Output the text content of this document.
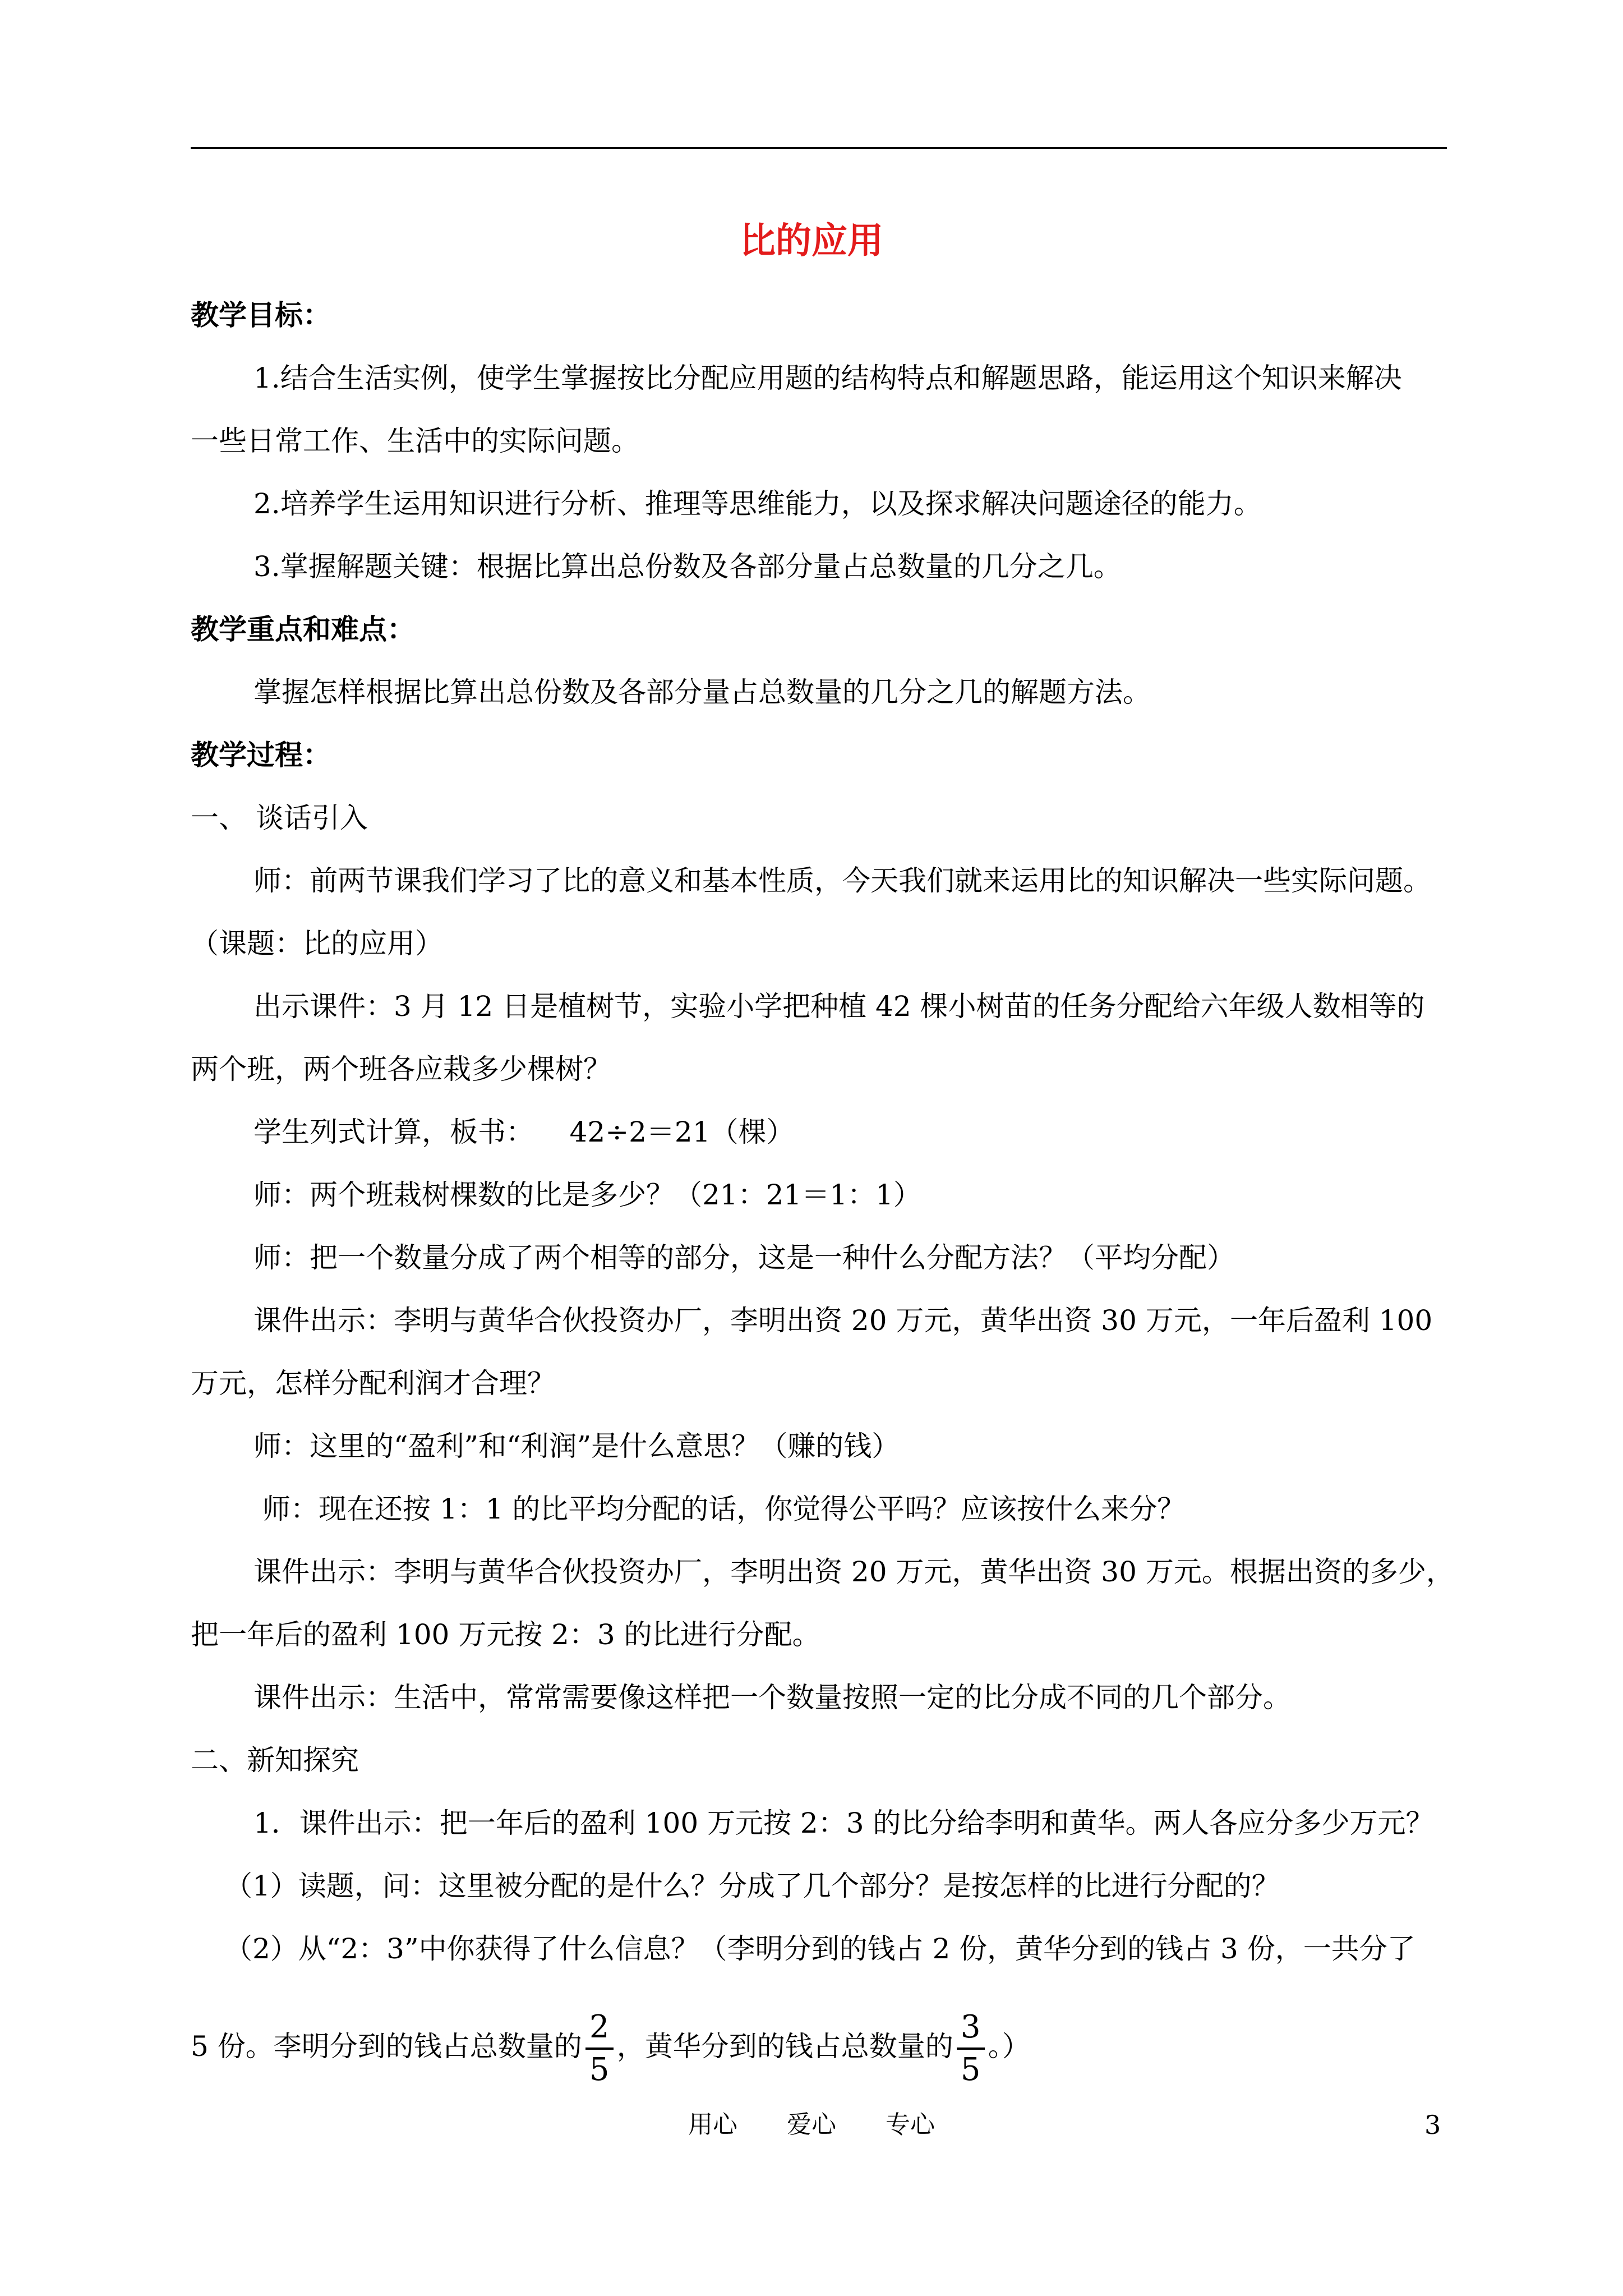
比的应用
教学目标：
1.结合生活实例，使学生掌握按比分配应用题的结构特点和解题思路，能运用这个知识来解决
一些日常工作、生活中的实际问题。
2.培养学生运用知识进行分析、推理等思维能力，以及探求解决问题途径的能力。
3.掌握解题关键：根据比算出总份数及各部分量占总数量的几分之几。
教学重点和难点：
掌握怎样根据比算出总份数及各部分量占总数量的几分之几的解题方法。
教学过程：
一、 谈话引入
师：前两节课我们学习了比的意义和基本性质，今天我们就来运用比的知识解决一些实际问题。
（课题：比的应用）
出示课件：3 月 12 日是植树节，实验小学把种植 42 棵小树苗的任务分配给六年级人数相等的
两个班，两个班各应栽多少棵树？
学生列式计算，板书：    42÷2＝21（棵）
师：两个班栽树棵数的比是多少？（21：21＝1：1）
师：把一个数量分成了两个相等的部分，这是一种什么分配方法？（平均分配）
课件出示：李明与黄华合伙投资办厂，李明出资 20 万元，黄华出资 30 万元，一年后盈利 100
万元，怎样分配利润才合理？
师：这里的“盈利”和“利润”是什么意思？（赚的钱）
师：现在还按 1：1 的比平均分配的话，你觉得公平吗？应该按什么来分？
课件出示：李明与黄华合伙投资办厂，李明出资 20 万元，黄华出资 30 万元。根据出资的多少，
把一年后的盈利 100 万元按 2：3 的比进行分配。
课件出示：生活中，常常需要像这样把一个数量按照一定的比分成不同的几个部分。
二、新知探究
1．课件出示：把一年后的盈利 100 万元按 2：3 的比分给李明和黄华。两人各应分多少万元？
（1）读题，问：这里被分配的是什么？分成了几个部分？是按怎样的比进行分配的？
（2）从“2：3”中你获得了什么信息？（李明分到的钱占 2 份，黄华分到的钱占 3 份，一共分了
5 份。李明分到的钱占总数量的 $\frac{2}{5}$ ，黄华分到的钱占总数量的 $\frac{3}{5}$ 。）
用心  爱心  专心	3
